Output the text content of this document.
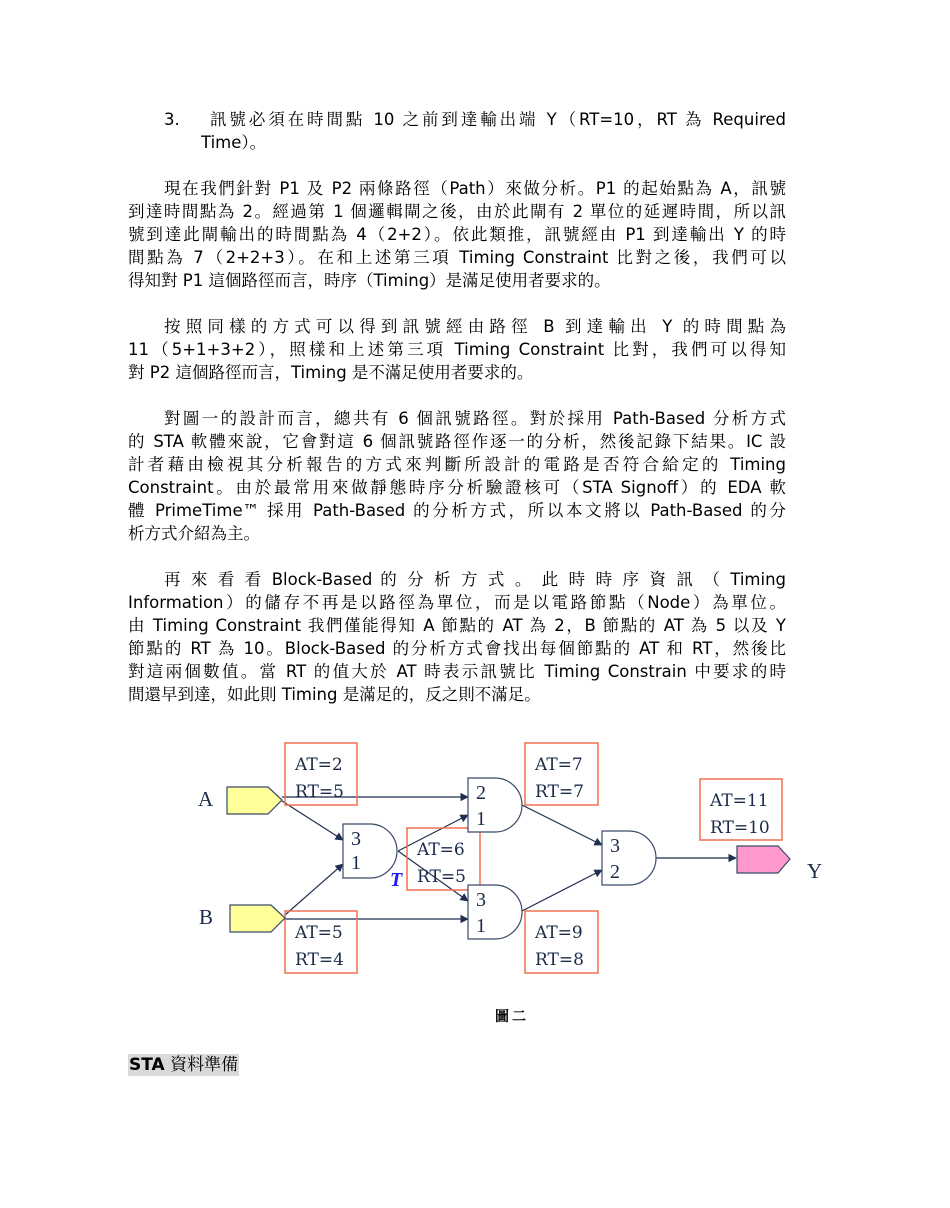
3.	訊號必須在時間點 10 之前到達輸出端 Y（RT=10，RT 為 Required
Time）。
現在我們針對 P1 及 P2 兩條路徑（Path）來做分析。P1 的起始點為 A，訊號
到達時間點為 2。經過第 1 個邏輯閘之後，由於此閘有 2 單位的延遲時間，所以訊
號到達此閘輸出的時間點為 4（2+2）。依此類推，訊號經由 P1 到達輸出 Y 的時
間點為 7（2+2+3）。在和上述第三項 Timing Constraint 比對之後，我們可以
得知對 P1 這個路徑而言，時序（Timing）是滿足使用者要求的。
按照同樣的方式可以得到訊號經由路徑 B 到達輸出 Y 的時間點為
11（5+1+3+2），照樣和上述第三項 Timing Constraint 比對，我們可以得知
對 P2 這個路徑而言，Timing 是不滿足使用者要求的。
對圖一的設計而言，總共有 6 個訊號路徑。對於採用 Path-Based 分析方式
的 STA 軟體來說，它會對這 6 個訊號路徑作逐一的分析，然後記錄下結果。IC 設
計者藉由檢視其分析報告的方式來判斷所設計的電路是否符合給定的 Timing
Constraint。由於最常用來做靜態時序分析驗證核可（STA Signoff）的 EDA 軟
體 PrimeTime™ 採用 Path-Based 的分析方式，所以本文將以 Path-Based 的分
析方式介紹為主。
再 來 看 看 Block-Based 的 分 析 方 式 。 此 時 時 序 資 訊 （ Timing
Information）的儲存不再是以路徑為單位，而是以電路節點（Node）為單位。
由 Timing Constraint 我們僅能得知 A 節點的 AT 為 2，B 節點的 AT 為 5 以及 Y
節點的 RT 為 10。Block-Based 的分析方式會找出每個節點的 AT 和 RT，然後比
對這兩個數值。當 RT 的值大於 AT 時表示訊號比 Timing Constrain 中要求的時
間還早到達，如此則 Timing 是滿足的，反之則不滿足。
AT=2
RT=5
AT=5
RT=4
AT=6
RT=5
AT=7
RT=7
AT=9
RT=8
AT=11
RT=10
A
B
Y
3
1
2
1
3
1
3
2
T
圖二
STA 資料準備
